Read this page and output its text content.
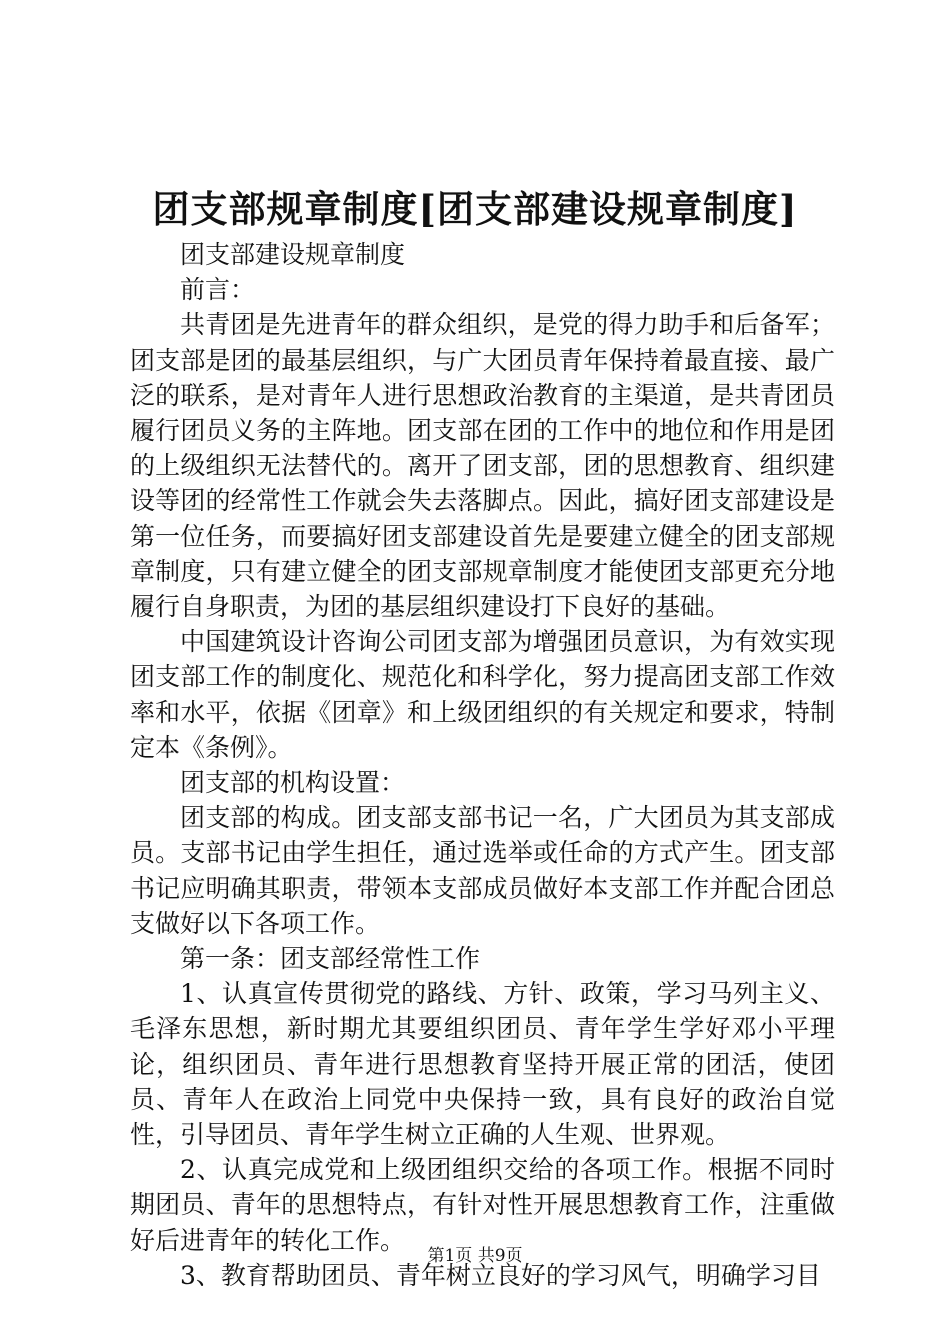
团支部规章制度[团支部建设规章制度]

团支部建设规章制度

前言：

共青团是先进青年的群众组织，是党的得力助手和后备军；团支部是团的最基层组织，与广大团员青年保持着最直接、最广泛的联系，是对青年人进行思想政治教育的主渠道，是共青团员履行团员义务的主阵地。团支部在团的工作中的地位和作用是团的上级组织无法替代的。离开了团支部，团的思想教育、组织建设等团的经常性工作就会失去落脚点。因此，搞好团支部建设是第一位任务，而要搞好团支部建设首先是要建立健全的团支部规章制度，只有建立健全的团支部规章制度才能使团支部更充分地履行自身职责，为团的基层组织建设打下良好的基础。

中国建筑设计咨询公司团支部为增强团员意识，为有效实现团支部工作的制度化、规范化和科学化，努力提高团支部工作效率和水平，依据《团章》和上级团组织的有关规定和要求，特制定本《条例》。

团支部的机构设置：

团支部的构成。团支部支部书记一名，广大团员为其支部成员。支部书记由学生担任，通过选举或任命的方式产生。团支部书记应明确其职责，带领本支部成员做好本支部工作并配合团总支做好以下各项工作。

第一条：团支部经常性工作

1、认真宣传贯彻党的路线、方针、政策，学习马列主义、毛泽东思想，新时期尤其要组织团员、青年学生学好邓小平理论，组织团员、青年进行思想教育坚持开展正常的团活，使团员、青年人在政治上同党中央保持一致，具有良好的政治自觉性，引导团员、青年学生树立正确的人生观、世界观。

2、认真完成党和上级团组织交给的各项工作。根据不同时期团员、青年的思想特点，有针对性开展思想教育工作，注重做好后进青年的转化工作。

3、教育帮助团员、青年树立良好的学习风气，明确学习目

第1页 共9页
